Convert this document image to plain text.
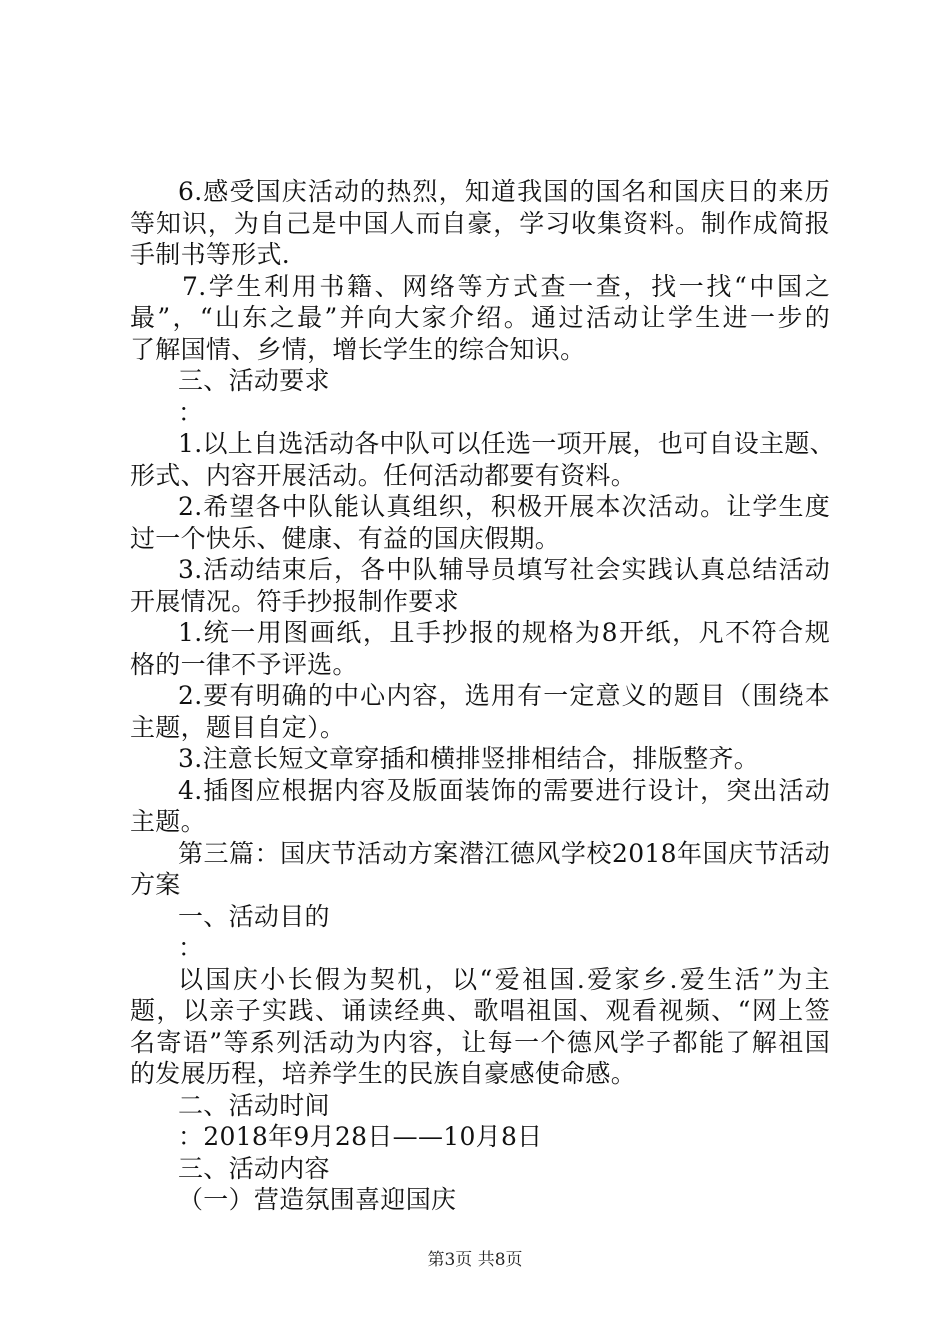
6.感受国庆活动的热烈，知道我国的国名和国庆日的来历
等知识，为自己是中国人而自豪，学习收集资料。制作成简报
手制书等形式.
7.学生利用书籍、网络等方式查一查，找一找“中国之
最”，“山东之最”并向大家介绍。通过活动让学生进一步的
了解国情、乡情，增长学生的综合知识。
三、活动要求
：
1.以上自选活动各中队可以任选一项开展，也可自设主题、
形式、内容开展活动。任何活动都要有资料。
2.希望各中队能认真组织，积极开展本次活动。让学生度
过一个快乐、健康、有益的国庆假期。
3.活动结束后，各中队辅导员填写社会实践认真总结活动
开展情况。符手抄报制作要求
1.统一用图画纸，且手抄报的规格为8开纸，凡不符合规
格的一律不予评选。
2.要有明确的中心内容，选用有一定意义的题目（围绕本
主题，题目自定）。
3.注意长短文章穿插和横排竖排相结合，排版整齐。
4.插图应根据内容及版面装饰的需要进行设计，突出活动
主题。
第三篇：国庆节活动方案潜江德风学校2018年国庆节活动
方案
一、活动目的
：
以国庆小长假为契机，以“爱祖国.爱家乡.爱生活”为主
题，以亲子实践、诵读经典、歌唱祖国、观看视频、“网上签
名寄语”等系列活动为内容，让每一个德风学子都能了解祖国
的发展历程，培养学生的民族自豪感使命感。
二、活动时间
：2018年9月28日——10月8日
三、活动内容
（一）营造氛围喜迎国庆
第3页 共8页
